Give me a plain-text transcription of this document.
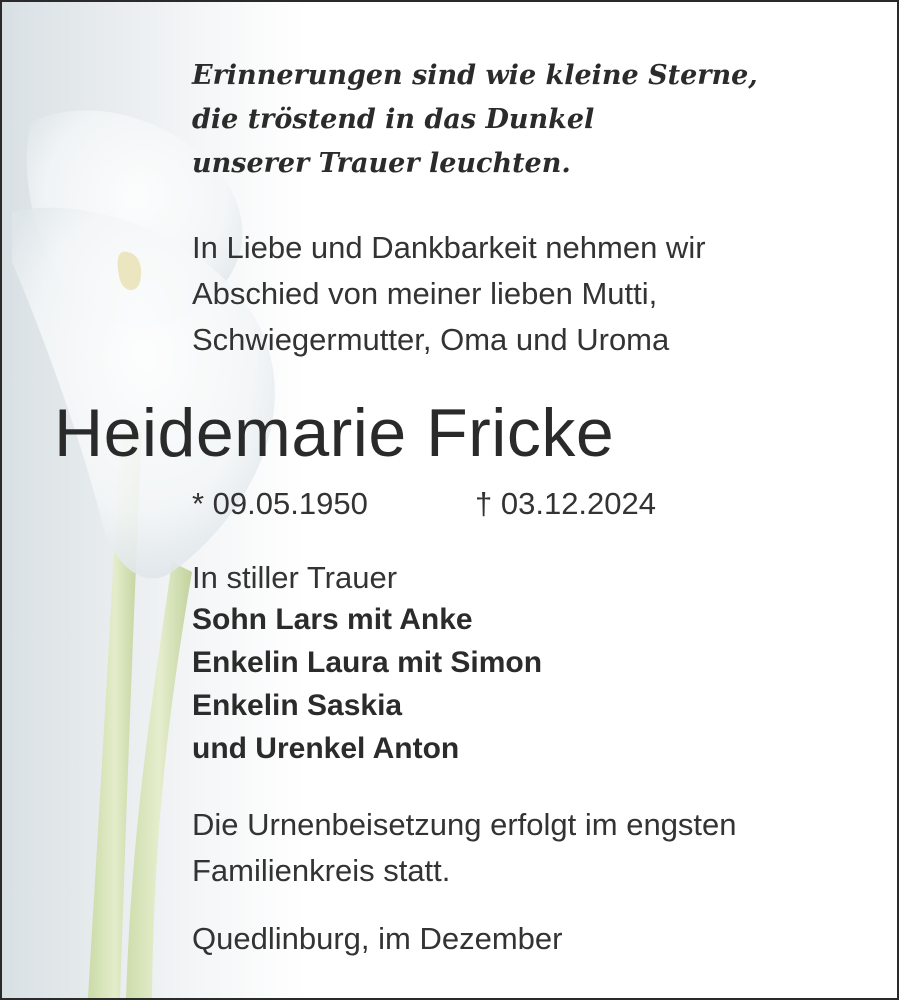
Erinnerungen sind wie kleine Sterne,
die tröstend in das Dunkel
unserer Trauer leuchten.
In Liebe und Dankbarkeit nehmen wir
Abschied von meiner lieben Mutti,
Schwiegermutter, Oma und Uroma
Heidemarie Fricke
* 09.05.1950	† 03.12.2024
In stiller Trauer
Sohn Lars mit Anke
Enkelin Laura mit Simon
Enkelin Saskia
und Urenkel Anton
Die Urnenbeisetzung erfolgt im engsten
Familienkreis statt.
Quedlinburg, im Dezember
